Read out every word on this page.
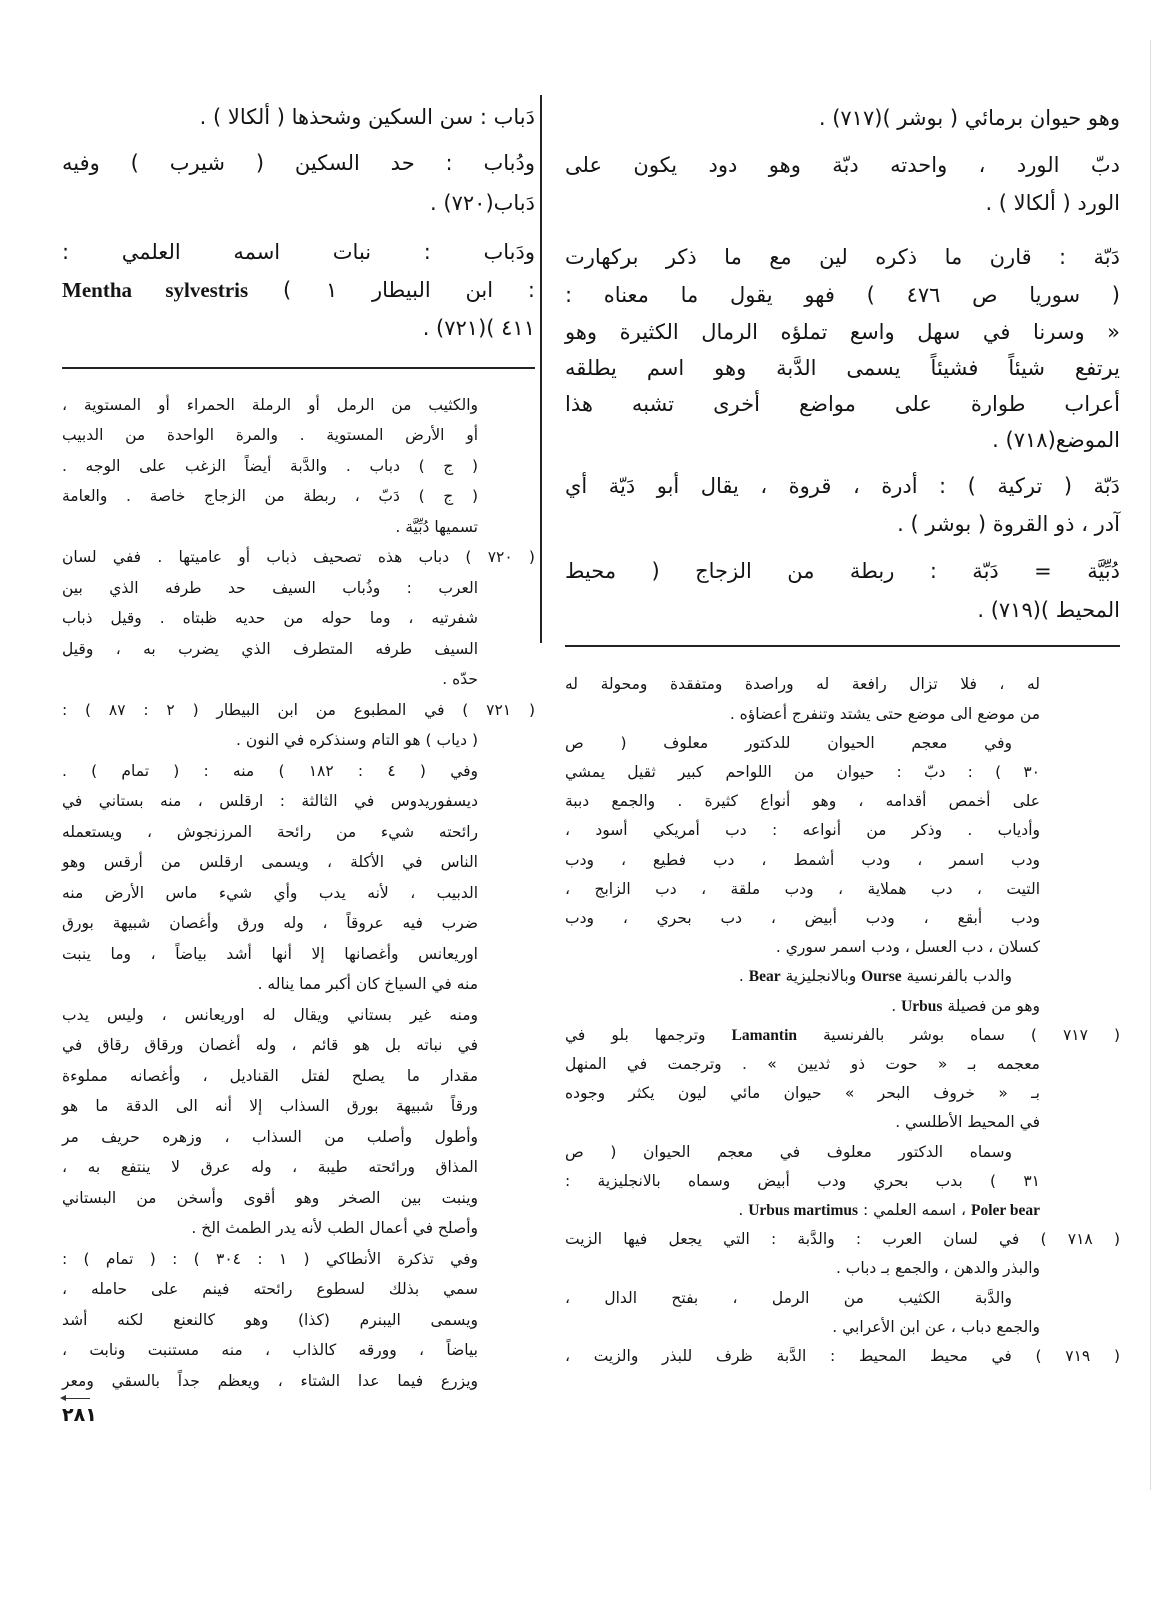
وهو حيوان برمائي ( بوشر )(٧١٧) .
دبّ الورد ، واحدته دبّة وهو دود يكون على
الورد ( ألكالا ) .
دَبّة : قارن ما ذكره لين مع ما ذكر بركهارت
( سوريا ص ٤٧٦ ) فهو يقول ما معناه :
« وسرنا في سهل واسع تملؤه الرمال الكثيرة وهو
يرتفع شيئاً فشيئاً يسمى الدَّبة وهو اسم يطلقه
أعراب طوارة على مواضع أخرى تشبه هذا
الموضع(٧١٨) .
دَبّة ( تركية ) : أدرة ، قروة ، يقال أبو دَيّة أي
آدر ، ذو القروة ( بوشر ) .
دُبِّيَّة = دَبّة : ربطة من الزجاج ( محيط
المحيط )(٧١٩) .
دَباب : سن السكين وشحذها ( ألكالا ) .
ودُباب : حد السكين ( شيرب ) وفيه
دَباب(٧٢٠) .
ودَباب : نبات اسمه العلمي :
Mentha sylvestris ( ابن البيطار ١ :
٤١١ )(٧٢١) .
له ، فلا تزال رافعة له وراصدة ومتفقدة ومحولة له
من موضع الى موضع حتى يشتد وتنفرج أعضاؤه .
وفي معجم الحيوان للدكتور معلوف ( ص
٣٠ ) : دبّ : حيوان من اللواحم كبير ثقيل يمشي
على أخمص أقدامه ، وهو أنواع كثيرة . والجمع دببة
وأدياب . وذكر من أنواعه : دب أمريكي أسود ،
ودب اسمر ، ودب أشمط ، دب فطيع ، ودب
التيت ، دب هملاية ، ودب ملقة ، دب الزابج ،
ودب أبقع ، ودب أبيض ، دب بحري ، ودب
كسلان ، دب العسل ، ودب اسمر سوري .
والدب بالفرنسية Ourse وبالانجليزية Bear .
وهو من فصيلة Urbus .
( ٧١٧ ) سماه بوشر بالفرنسية Lamantin وترجمها بلو في
معجمه بـ « حوت ذو ثديين » . وترجمت في المنهل
بـ « خروف البحر » حيوان مائي ليون يكثر وجوده
في المحيط الأطلسي .
وسماه الدكتور معلوف في معجم الحيوان ( ص
٣١ ) بدب بحري ودب أبيض وسماه بالانجليزية :
Poler bear ، اسمه العلمي : Urbus martimus .
( ٧١٨ ) في لسان العرب : والدَّبة : التي يجعل فيها الزيت
والبذر والدهن ، والجمع بـ دباب .
والدَّبة الكثيب من الرمل ، بفتح الدال ،
والجمع دباب ، عن ابن الأعرابي .
( ٧١٩ ) في محيط المحيط : الدَّبة ظرف للبذر والزيت ،
والكثيب من الرمل أو الرملة الحمراء أو المستوية ،
أو الأرض المستوية . والمرة الواحدة من الدبيب
( ج ) دباب . والدَّبة أيضاً الزغب على الوجه .
( ج ) دَبّ ، ربطة من الزجاج خاصة . والعامة
تسميها دُبِّيَّة .
( ٧٢٠ ) دباب هذه تصحيف ذباب أو عاميتها . ففي لسان
العرب : وذُباب السيف حد طرفه الذي بين
شفرتيه ، وما حوله من حديه ظبتاه . وقيل ذباب
السيف طرفه المتطرف الذي يضرب به ، وقيل
حدّه .
( ٧٢١ ) في المطبوع من ابن البيطار ( ٢ : ٨٧ ) :
( دياب ) هو التام وسنذكره في النون .
وفي ( ٤ : ١٨٢ ) منه : ( تمام ) .
ديسفوريدوس في الثالثة : ارقلس ، منه بستاني في
رائحته شيء من رائحة المرزنجوش ، ويستعمله
الناس في الأكلة ، ويسمى ارقلس من أرقس وهو
الدبيب ، لأنه يدب وأي شيء ماس الأرض منه
ضرب فيه عروقاً ، وله ورق وأغصان شبيهة بورق
اوريعانس وأغصانها إلا أنها أشد بياضاً ، وما ينبت
منه في السياخ كان أكبر مما يناله .
ومنه غير بستاني ويقال له اوريعانس ، وليس يدب
في نباته بل هو قائم ، وله أغصان ورقاق رقاق في
مقدار ما يصلح لفتل القناديل ، وأغصانه مملوءة
ورقاً شبيهة بورق السذاب إلا أنه الى الدقة ما هو
وأطول وأصلب من السذاب ، وزهره حريف مر
المذاق ورائحته طيبة ، وله عرق لا ينتفع به ،
وينبت بين الصخر وهو أقوى وأسخن من البستاني
وأصلح في أعمال الطب لأنه يدر الطمث الخ .
وفي تذكرة الأنطاكي ( ١ : ٣٠٤ ) : ( تمام ) :
سمي بذلك لسطوع رائحته فينم على حامله ،
ويسمى اليبنرم (كذا) وهو كالنعنع لكنه أشد
بياضاً ، وورقه كالذاب ، منه مستنبت ونابت ،
ويزرع فيما عدا الشتاء ، ويعظم جداً بالسقي ومعر
٢٨١
